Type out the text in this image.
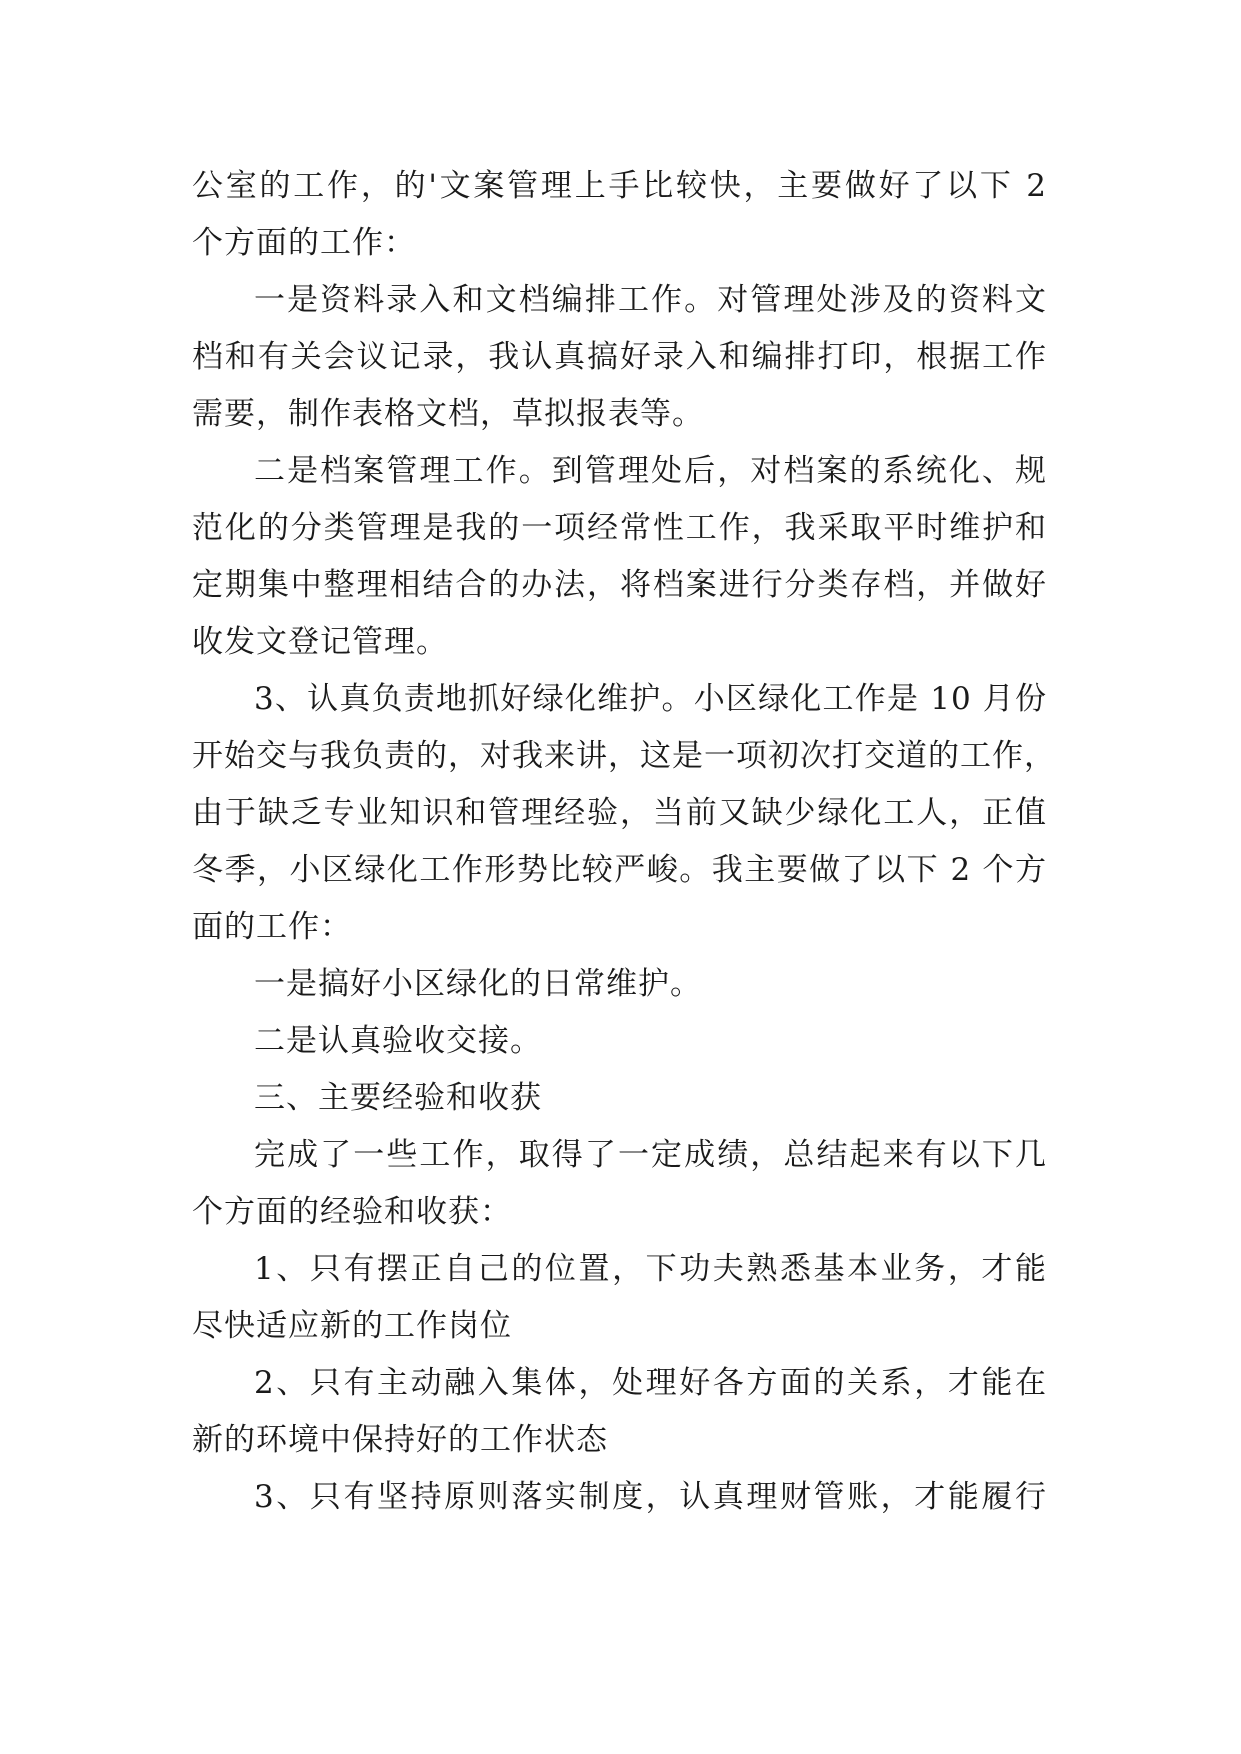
公室的工作，的'文案管理上手比较快，主要做好了以下 2
个方面的工作：
一是资料录入和文档编排工作。对管理处涉及的资料文
档和有关会议记录，我认真搞好录入和编排打印，根据工作
需要，制作表格文档，草拟报表等。
二是档案管理工作。到管理处后，对档案的系统化、规
范化的分类管理是我的一项经常性工作，我采取平时维护和
定期集中整理相结合的办法，将档案进行分类存档，并做好
收发文登记管理。
3、认真负责地抓好绿化维护。小区绿化工作是 10 月份
开始交与我负责的，对我来讲，这是一项初次打交道的工作，
由于缺乏专业知识和管理经验，当前又缺少绿化工人，正值
冬季，小区绿化工作形势比较严峻。我主要做了以下 2 个方
面的工作：
一是搞好小区绿化的日常维护。
二是认真验收交接。
三、主要经验和收获
完成了一些工作，取得了一定成绩，总结起来有以下几
个方面的经验和收获：
1、只有摆正自己的位置，下功夫熟悉基本业务，才能
尽快适应新的工作岗位
2、只有主动融入集体，处理好各方面的关系，才能在
新的环境中保持好的工作状态
3、只有坚持原则落实制度，认真理财管账，才能履行
